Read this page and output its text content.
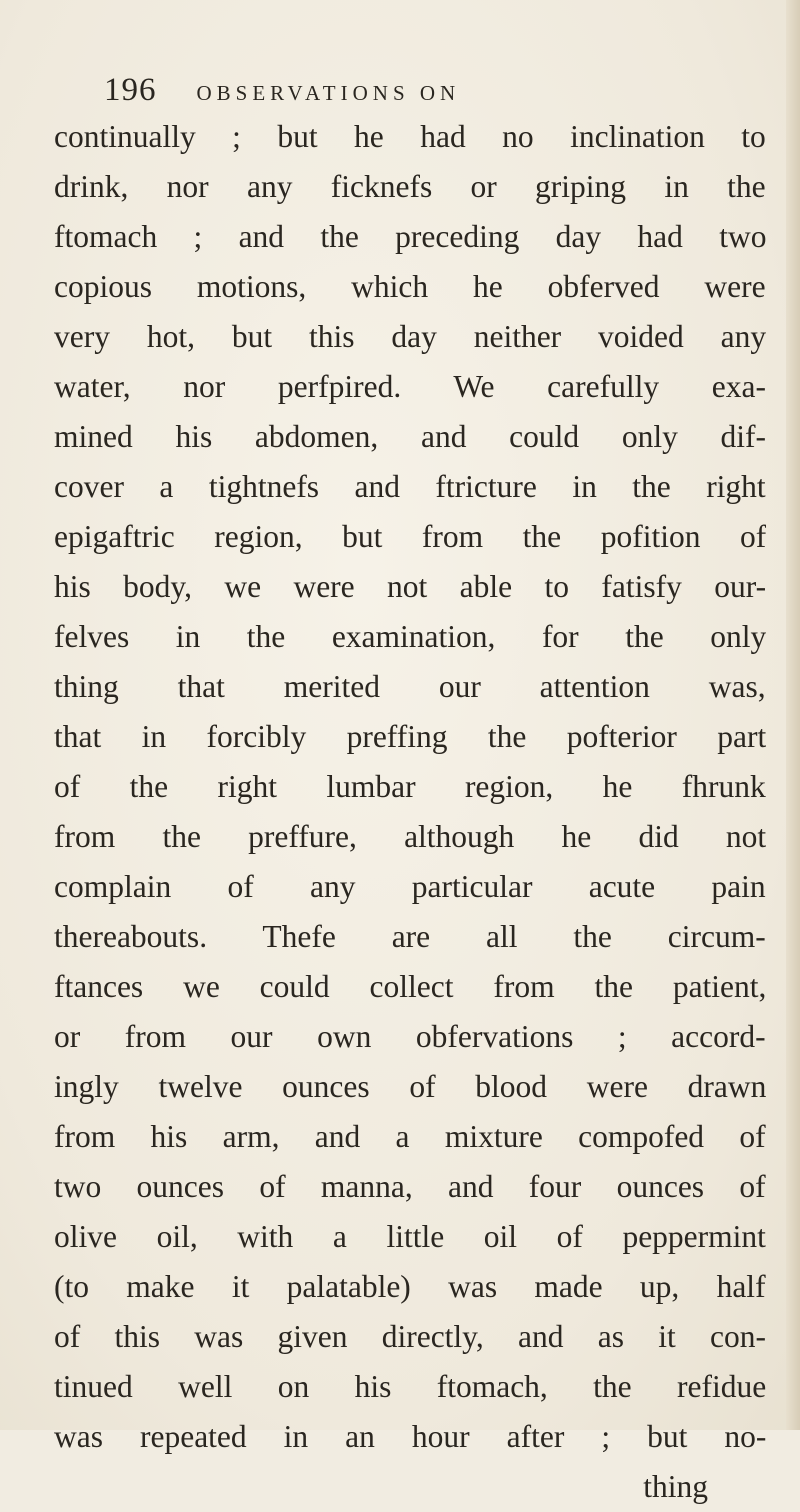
196 OBSERVATIONS ON
continually ; but he had no inclination to
drink, nor any ficknefs or griping in the
ftomach ; and the preceding day had two
copious motions, which he obferved were
very hot, but this day neither voided any
water, nor perfpired. We carefully exa-
mined his abdomen, and could only dif-
cover a tightnefs and ftricture in the right
epigaftric region, but from the pofition of
his body, we were not able to fatisfy our-
felves in the examination, for the only
thing that merited our attention was,
that in forcibly preffing the pofterior part
of the right lumbar region, he fhrunk
from the preffure, although he did not
complain of any particular acute pain
thereabouts. Thefe are all the circum-
ftances we could collect from the patient,
or from our own obfervations ; accord-
ingly twelve ounces of blood were drawn
from his arm, and a mixture compofed of
two ounces of manna, and four ounces of
olive oil, with a little oil of peppermint
(to make it palatable) was made up, half
of this was given directly, and as it con-
tinued well on his ftomach, the refidue
was repeated in an hour after ; but no-
thing
